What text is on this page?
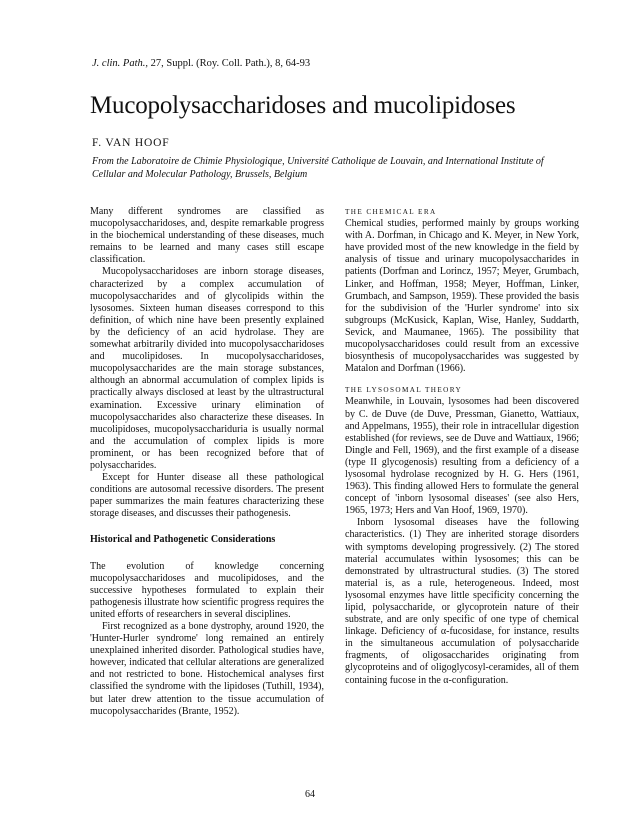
J. clin. Path., 27, Suppl. (Roy. Coll. Path.), 8, 64-93
Mucopolysaccharidoses and mucolipidoses
F. VAN HOOF
From the Laboratoire de Chimie Physiologique, Université Catholique de Louvain, and International Institute of Cellular and Molecular Pathology, Brussels, Belgium

Many different syndromes are classified as mucopolysaccharidoses, and, despite remarkable progress in the biochemical understanding of these diseases, much remains to be learned and many cases still escape classification.

Mucopolysaccharidoses are inborn storage diseases, characterized by a complex accumulation of mucopolysaccharides and of glycolipids within the lysosomes. Sixteen human diseases correspond to this definition, of which nine have been presently explained by the deficiency of an acid hydrolase. They are somewhat arbitrarily divided into mucopolysaccharidoses and mucolipidoses. In mucopolysaccharidoses, mucopolysaccharides are the main storage substances, although an abnormal accumulation of complex lipids is practically always disclosed at least by the ultrastructural examination. Excessive urinary elimination of mucopolysaccharides also characterize these diseases. In mucolipidoses, mucopolysacchariduria is usually normal and the accumulation of complex lipids is more prominent, or has been recognized before that of polysaccharides.

Except for Hunter disease all these pathological conditions are autosomal recessive disorders. The present paper summarizes the main features characterizing these storage diseases, and discusses their pathogenesis.

Historical and Pathogenetic Considerations

The evolution of knowledge concerning mucopolysaccharidoses and mucolipidoses, and the successive hypotheses formulated to explain their pathogenesis illustrate how scientific progress requires the united efforts of researchers in several disciplines.

First recognized as a bone dystrophy, around 1920, the 'Hunter-Hurler syndrome' long remained an entirely unexplained inherited disorder. Pathological studies have, however, indicated that cellular alterations are generalized and not restricted to bone. Histochemical analyses first classified the syndrome with the lipidoses (Tuthill, 1934), but later drew attention to the tissue accumulation of mucopolysaccharides (Brante, 1952).

THE CHEMICAL ERA

Chemical studies, performed mainly by groups working with A. Dorfman, in Chicago and K. Meyer, in New York, have provided most of the new knowledge in the field by analysis of tissue and urinary mucopolysaccharides in patients (Dorfman and Lorincz, 1957; Meyer, Grumbach, Linker, and Hoffman, 1958; Meyer, Hoffman, Linker, Grumbach, and Sampson, 1959). These provided the basis for the subdivision of the 'Hurler syndrome' into six subgroups (McKusick, Kaplan, Wise, Hanley, Suddarth, Sevick, and Maumanee, 1965). The possibility that mucopolysaccharidoses could result from an excessive biosynthesis of mucopolysaccharides was suggested by Matalon and Dorfman (1966).

THE LYSOSOMAL THEORY

Meanwhile, in Louvain, lysosomes had been discovered by C. de Duve (de Duve, Pressman, Gianetto, Wattiaux, and Appelmans, 1955), their role in intracellular digestion established (for reviews, see de Duve and Wattiaux, 1966; Dingle and Fell, 1969), and the first example of a disease (type II glycogenosis) resulting from a deficiency of a lysosomal hydrolase recognized by H. G. Hers (1961, 1963). This finding allowed Hers to formulate the general concept of 'inborn lysosomal diseases' (see also Hers, 1965, 1973; Hers and Van Hoof, 1969, 1970).

Inborn lysosomal diseases have the following characteristics. (1) They are inherited storage disorders with symptoms developing progressively. (2) The stored material accumulates within lysosomes; this can be demonstrated by ultrastructural studies. (3) The stored material is, as a rule, heterogeneous. Indeed, most lysosomal enzymes have little specificity concerning the lipid, polysaccharide, or glycoprotein nature of their substrate, and are only specific of one type of chemical linkage. Deficiency of α-fucosidase, for instance, results in the simultaneous accumulation of polysaccharide fragments, of oligosaccharides originating from glycoproteins and of oligoglycosyl-ceramides, all of them containing fucose in the α-configuration.

64
